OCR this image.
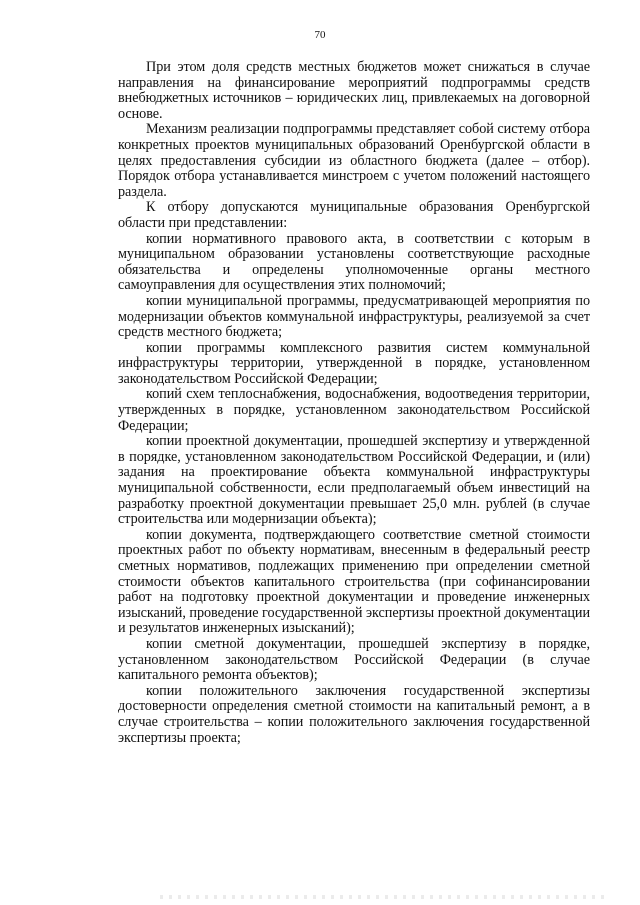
70

При этом доля средств местных бюджетов может снижаться в случае направления на финансирование мероприятий подпрограммы средств внебюджетных источников – юридических лиц, привлекаемых на договорной основе.

Механизм реализации подпрограммы представляет собой систему отбора конкретных проектов муниципальных образований Оренбургской области в целях предоставления субсидии из областного бюджета (далее – отбор). Порядок отбора устанавливается минстроем с учетом положений настоящего раздела.

К отбору допускаются муниципальные образования Оренбургской области при представлении:

копии нормативного правового акта, в соответствии с которым в муниципальном образовании установлены соответствующие расходные обязательства и определены уполномоченные органы местного самоуправления для осуществления этих полномочий;

копии муниципальной программы, предусматривающей мероприятия по модернизации объектов коммунальной инфраструктуры, реализуемой за счет средств местного бюджета;

копии программы комплексного развития систем коммунальной инфраструктуры территории, утвержденной в порядке, установленном законодательством Российской Федерации;

копий схем теплоснабжения, водоснабжения, водоотведения территории, утвержденных в порядке, установленном законодательством Российской Федерации;

копии проектной документации, прошедшей экспертизу и утвержденной в порядке, установленном законодательством Российской Федерации, и (или) задания на проектирование объекта коммунальной инфраструктуры муниципальной собственности, если предполагаемый объем инвестиций на разработку проектной документации превышает 25,0 млн. рублей (в случае строительства или модернизации объекта);

копии документа, подтверждающего соответствие сметной стоимости проектных работ по объекту нормативам, внесенным в федеральный реестр сметных нормативов, подлежащих применению при определении сметной стоимости объектов капитального строительства (при софинансировании работ на подготовку проектной документации и проведение инженерных изысканий, проведение государственной экспертизы проектной документации и результатов инженерных изысканий);

копии сметной документации, прошедшей экспертизу в порядке, установленном законодательством Российской Федерации (в случае капитального ремонта объектов);

копии положительного заключения государственной экспертизы достоверности определения сметной стоимости на капитальный ремонт, а в случае строительства – копии положительного заключения государственной экспертизы проекта;
